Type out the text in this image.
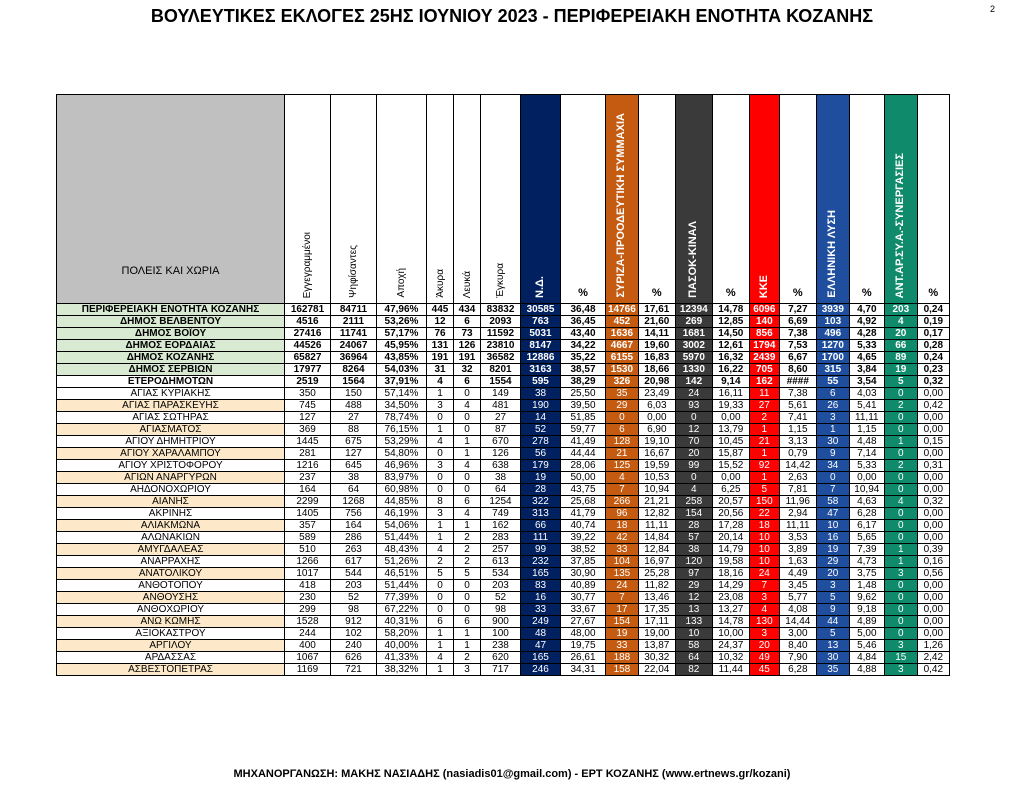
ΒΟΥΛΕΥΤΙΚΕΣ ΕΚΛΟΓΕΣ 25ΗΣ ΙΟΥΝΙΟΥ 2023 - ΠΕΡΙΦΕΡΕΙΑΚΗ ΕΝΟΤΗΤΑ ΚΟΖΑΝΗΣ	2
ΠΟΛΕΙΣ ΚΑΙ ΧΩΡΙΑ	Εγγεγραμμένοι	Ψηφίσαντες	Αποχή	Άκυρα	Λευκά	Έγκυρα	Ν.Δ.	%	ΣΥΡΙΖΑ-ΠΡΟΟΔΕΥΤΙΚΗ ΣΥΜΜΑΧΙΑ	%	ΠΑΣΟΚ-ΚΙΝΑΛ	%	ΚΚΕ	%	ΕΛΛΗΝΙΚΗ ΛΥΣΗ	%	ΑΝΤ.ΑΡ.ΣΥ.Α.-ΣΥΝΕΡΓΑΣΙΕΣ	%

ΠΕΡΙΦΕΡΕΙΑΚΗ ΕΝΟΤΗΤΑ ΚΟΖΑΝΗΣ	162781	84711	47,96%	445	434	83832	30585	36,48	14766	17,61	12394	14,78	6096	7,27	3939	4,70	203	0,24
ΔΗΜΟΣ ΒΕΛΒΕΝΤΟΥ	4516	2111	53,26%	12	6	2093	763	36,45	452	21,60	269	12,85	140	6,69	103	4,92	4	0,19
ΔΗΜΟΣ ΒΟΪΟΥ	27416	11741	57,17%	76	73	11592	5031	43,40	1636	14,11	1681	14,50	856	7,38	496	4,28	20	0,17
ΔΗΜΟΣ ΕΟΡΔΑΙΑΣ	44526	24067	45,95%	131	126	23810	8147	34,22	4667	19,60	3002	12,61	1794	7,53	1270	5,33	66	0,28
ΔΗΜΟΣ ΚΟΖΑΝΗΣ	65827	36964	43,85%	191	191	36582	12886	35,22	6155	16,83	5970	16,32	2439	6,67	1700	4,65	89	0,24
ΔΗΜΟΣ ΣΕΡΒΙΩΝ	17977	8264	54,03%	31	32	8201	3163	38,57	1530	18,66	1330	16,22	705	8,60	315	3,84	19	0,23
ΕΤΕΡΟΔΗΜΟΤΩΝ	2519	1564	37,91%	4	6	1554	595	38,29	326	20,98	142	9,14	162	####	55	3,54	5	0,32
ΑΓΙΑΣ ΚΥΡΙΑΚΗΣ	350	150	57,14%	1	0	149	38	25,50	35	23,49	24	16,11	11	7,38	6	4,03	0	0,00
ΑΓΙΑΣ ΠΑΡΑΣΚΕΥΗΣ	745	488	34,50%	3	4	481	190	39,50	29	6,03	93	19,33	27	5,61	26	5,41	2	0,42
ΑΓΙΑΣ ΣΩΤΗΡΑΣ	127	27	78,74%	0	0	27	14	51,85	0	0,00	0	0,00	2	7,41	3	11,11	0	0,00
ΑΓΙΑΣΜΑΤΟΣ	369	88	76,15%	1	0	87	52	59,77	6	6,90	12	13,79	1	1,15	1	1,15	0	0,00
ΑΓΙΟΥ ΔΗΜΗΤΡΙΟΥ	1445	675	53,29%	4	1	670	278	41,49	128	19,10	70	10,45	21	3,13	30	4,48	1	0,15
ΑΓΙΟΥ ΧΑΡΑΛΑΜΠΟΥ	281	127	54,80%	0	1	126	56	44,44	21	16,67	20	15,87	1	0,79	9	7,14	0	0,00
ΑΓΙΟΥ ΧΡΙΣΤΟΦΟΡΟΥ	1216	645	46,96%	3	4	638	179	28,06	125	19,59	99	15,52	92	14,42	34	5,33	2	0,31
ΑΓΙΩΝ ΑΝΑΡΓΥΡΩΝ	237	38	83,97%	0	0	38	19	50,00	4	10,53	0	0,00	1	2,63	0	0,00	0	0,00
ΑΗΔΟΝΟΧΩΡΙΟΥ	164	64	60,98%	0	0	64	28	43,75	7	10,94	4	6,25	5	7,81	7	10,94	0	0,00
ΑΙΑΝΗΣ	2299	1268	44,85%	8	6	1254	322	25,68	266	21,21	258	20,57	150	11,96	58	4,63	4	0,32
ΑΚΡΙΝΗΣ	1405	756	46,19%	3	4	749	313	41,79	96	12,82	154	20,56	22	2,94	47	6,28	0	0,00
ΑΛΙΑΚΜΩΝΑ	357	164	54,06%	1	1	162	66	40,74	18	11,11	28	17,28	18	11,11	10	6,17	0	0,00
ΑΛΩΝΑΚΙΩΝ	589	286	51,44%	1	2	283	111	39,22	42	14,84	57	20,14	10	3,53	16	5,65	0	0,00
ΑΜΥΓΔΑΛΕΑΣ	510	263	48,43%	4	2	257	99	38,52	33	12,84	38	14,79	10	3,89	19	7,39	1	0,39
ΑΝΑΡΡΑΧΗΣ	1266	617	51,26%	2	2	613	232	37,85	104	16,97	120	19,58	10	1,63	29	4,73	1	0,16
ΑΝΑΤΟΛΙΚΟΥ	1017	544	46,51%	5	5	534	165	30,90	135	25,28	97	18,16	24	4,49	20	3,75	3	0,56
ΑΝΘΟΤΟΠΟΥ	418	203	51,44%	0	0	203	83	40,89	24	11,82	29	14,29	7	3,45	3	1,48	0	0,00
ΑΝΘΟΥΣΗΣ	230	52	77,39%	0	0	52	16	30,77	7	13,46	12	23,08	3	5,77	5	9,62	0	0,00
ΑΝΘΟΧΩΡΙΟΥ	299	98	67,22%	0	0	98	33	33,67	17	17,35	13	13,27	4	4,08	9	9,18	0	0,00
ΑΝΩ ΚΩΜΗΣ	1528	912	40,31%	6	6	900	249	27,67	154	17,11	133	14,78	130	14,44	44	4,89	0	0,00
ΑΞΙΟΚΑΣΤΡΟΥ	244	102	58,20%	1	1	100	48	48,00	19	19,00	10	10,00	3	3,00	5	5,00	0	0,00
ΑΡΓΙΛΟΥ	400	240	40,00%	1	1	238	47	19,75	33	13,87	58	24,37	20	8,40	13	5,46	3	1,26
ΑΡΔΑΣΣΑΣ	1067	626	41,33%	4	2	620	165	26,61	188	30,32	64	10,32	49	7,90	30	4,84	15	2,42
ΑΣΒΕΣΤΟΠΕΤΡΑΣ	1169	721	38,32%	1	3	717	246	34,31	158	22,04	82	11,44	45	6,28	35	4,88	3	0,42
ΜΗΧΑΝΟΡΓΑΝΩΣΗ: ΜΑΚΗΣ ΝΑΣΙΑΔΗΣ (nasiadis01@gmail.com) - ΕΡΤ ΚΟΖΑΝΗΣ (www.ertnews.gr/kozani)
